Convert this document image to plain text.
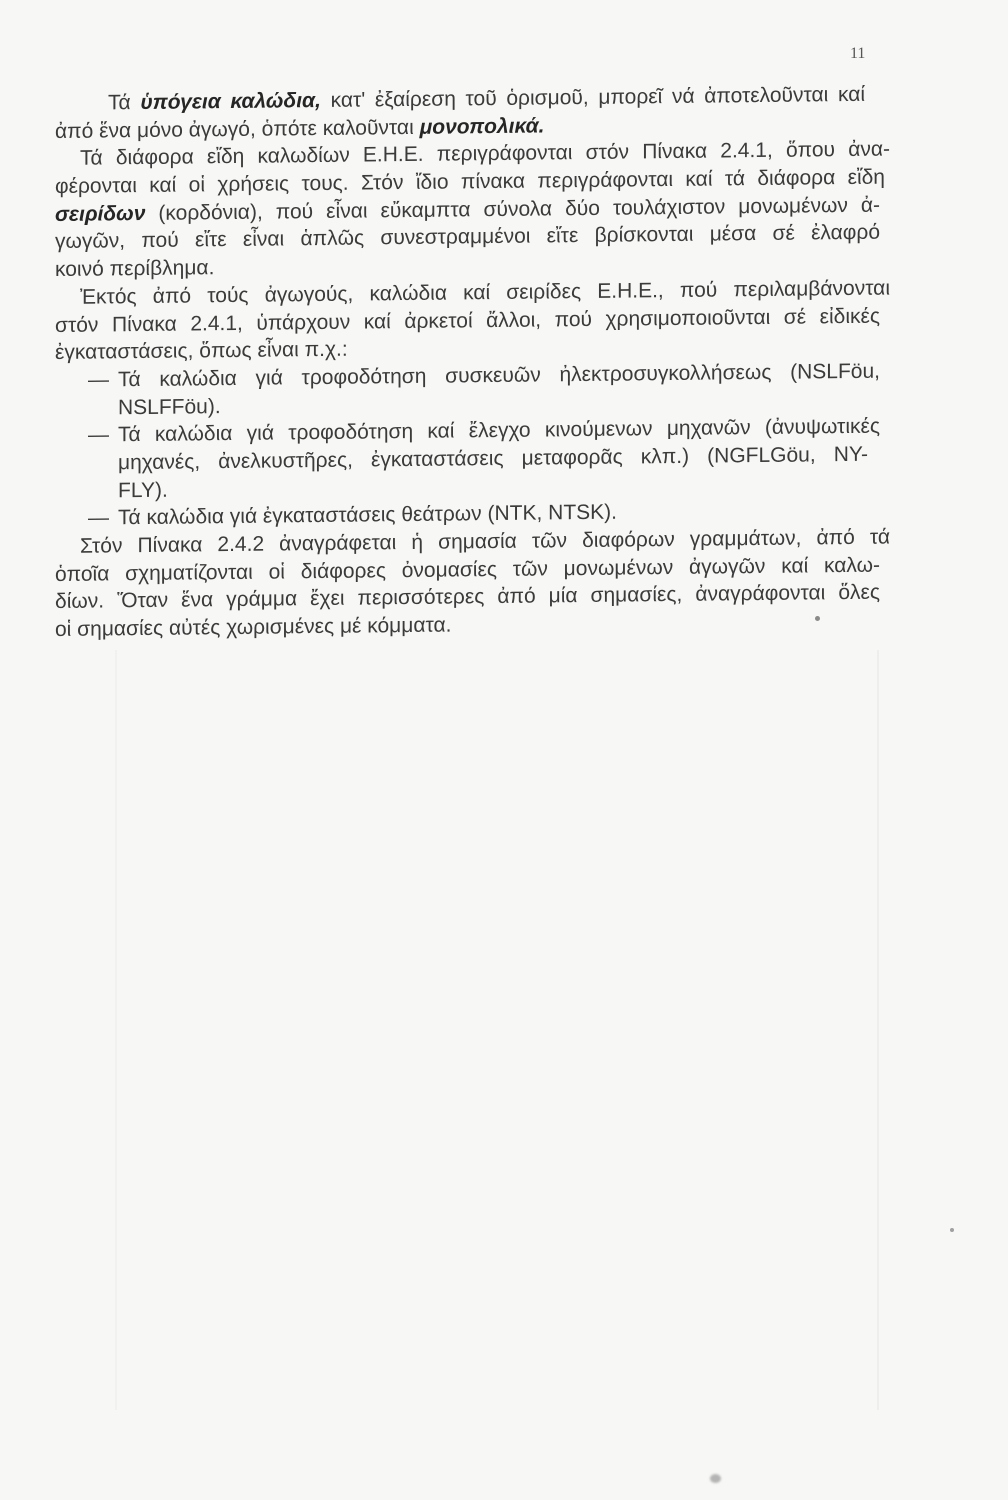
11
Τά ὑπόγεια καλώδια, κατ' ἐξαίρεση τοῦ ὁρισμοῦ, μπορεῖ νά ἀποτελοῦνται καί
ἀπό ἕνα μόνο ἀγωγό, ὁπότε καλοῦνται μονοπολικά.
Τά διάφορα εἴδη καλωδίων Ε.Η.Ε. περιγράφονται στόν Πίνακα 2.4.1, ὅπου ἀνα-
φέρονται καί οἱ χρήσεις τους. Στόν ἴδιο πίνακα περιγράφονται καί τά διάφορα εἴδη
σειρίδων (κορδόνια), πού εἶναι εὔκαμπτα σύνολα δύο τουλάχιστον μονωμένων ἀ-
γωγῶν, πού εἴτε εἶναι ἁπλῶς συνεστραμμένοι εἴτε βρίσκονται μέσα σέ ἐλαφρό
κοινό περίβλημα.
Ἐκτός ἀπό τούς ἀγωγούς, καλώδια καί σειρίδες Ε.Η.Ε., πού περιλαμβάνονται
στόν Πίνακα 2.4.1, ὑπάρχουν καί ἀρκετοί ἄλλοι, πού χρησιμοποιοῦνται σέ εἰδικές
ἐγκαταστάσεις, ὅπως εἶναι π.χ.:
— Τά καλώδια γιά τροφοδότηση συσκευῶν ἠλεκτροσυγκολλήσεως (NSLFöu,
NSLFFöu).
— Τά καλώδια γιά τροφοδότηση καί ἔλεγχο κινούμενων μηχανῶν (ἀνυψωτικές
μηχανές, ἀνελκυστῆρες, ἐγκαταστάσεις μεταφορᾶς κλπ.) (NGFLGöu, NY-
FLY).
— Τά καλώδια γιά ἐγκαταστάσεις θεάτρων (NTK, NTSK).
Στόν Πίνακα 2.4.2 ἀναγράφεται ἡ σημασία τῶν διαφόρων γραμμάτων, ἀπό τά
ὁποῖα σχηματίζονται οἱ διάφορες ὀνομασίες τῶν μονωμένων ἀγωγῶν καί καλω-
δίων. Ὅταν ἕνα γράμμα ἔχει περισσότερες ἀπό μία σημασίες, ἀναγράφονται ὅλες
οἱ σημασίες αὐτές χωρισμένες μέ κόμματα.
